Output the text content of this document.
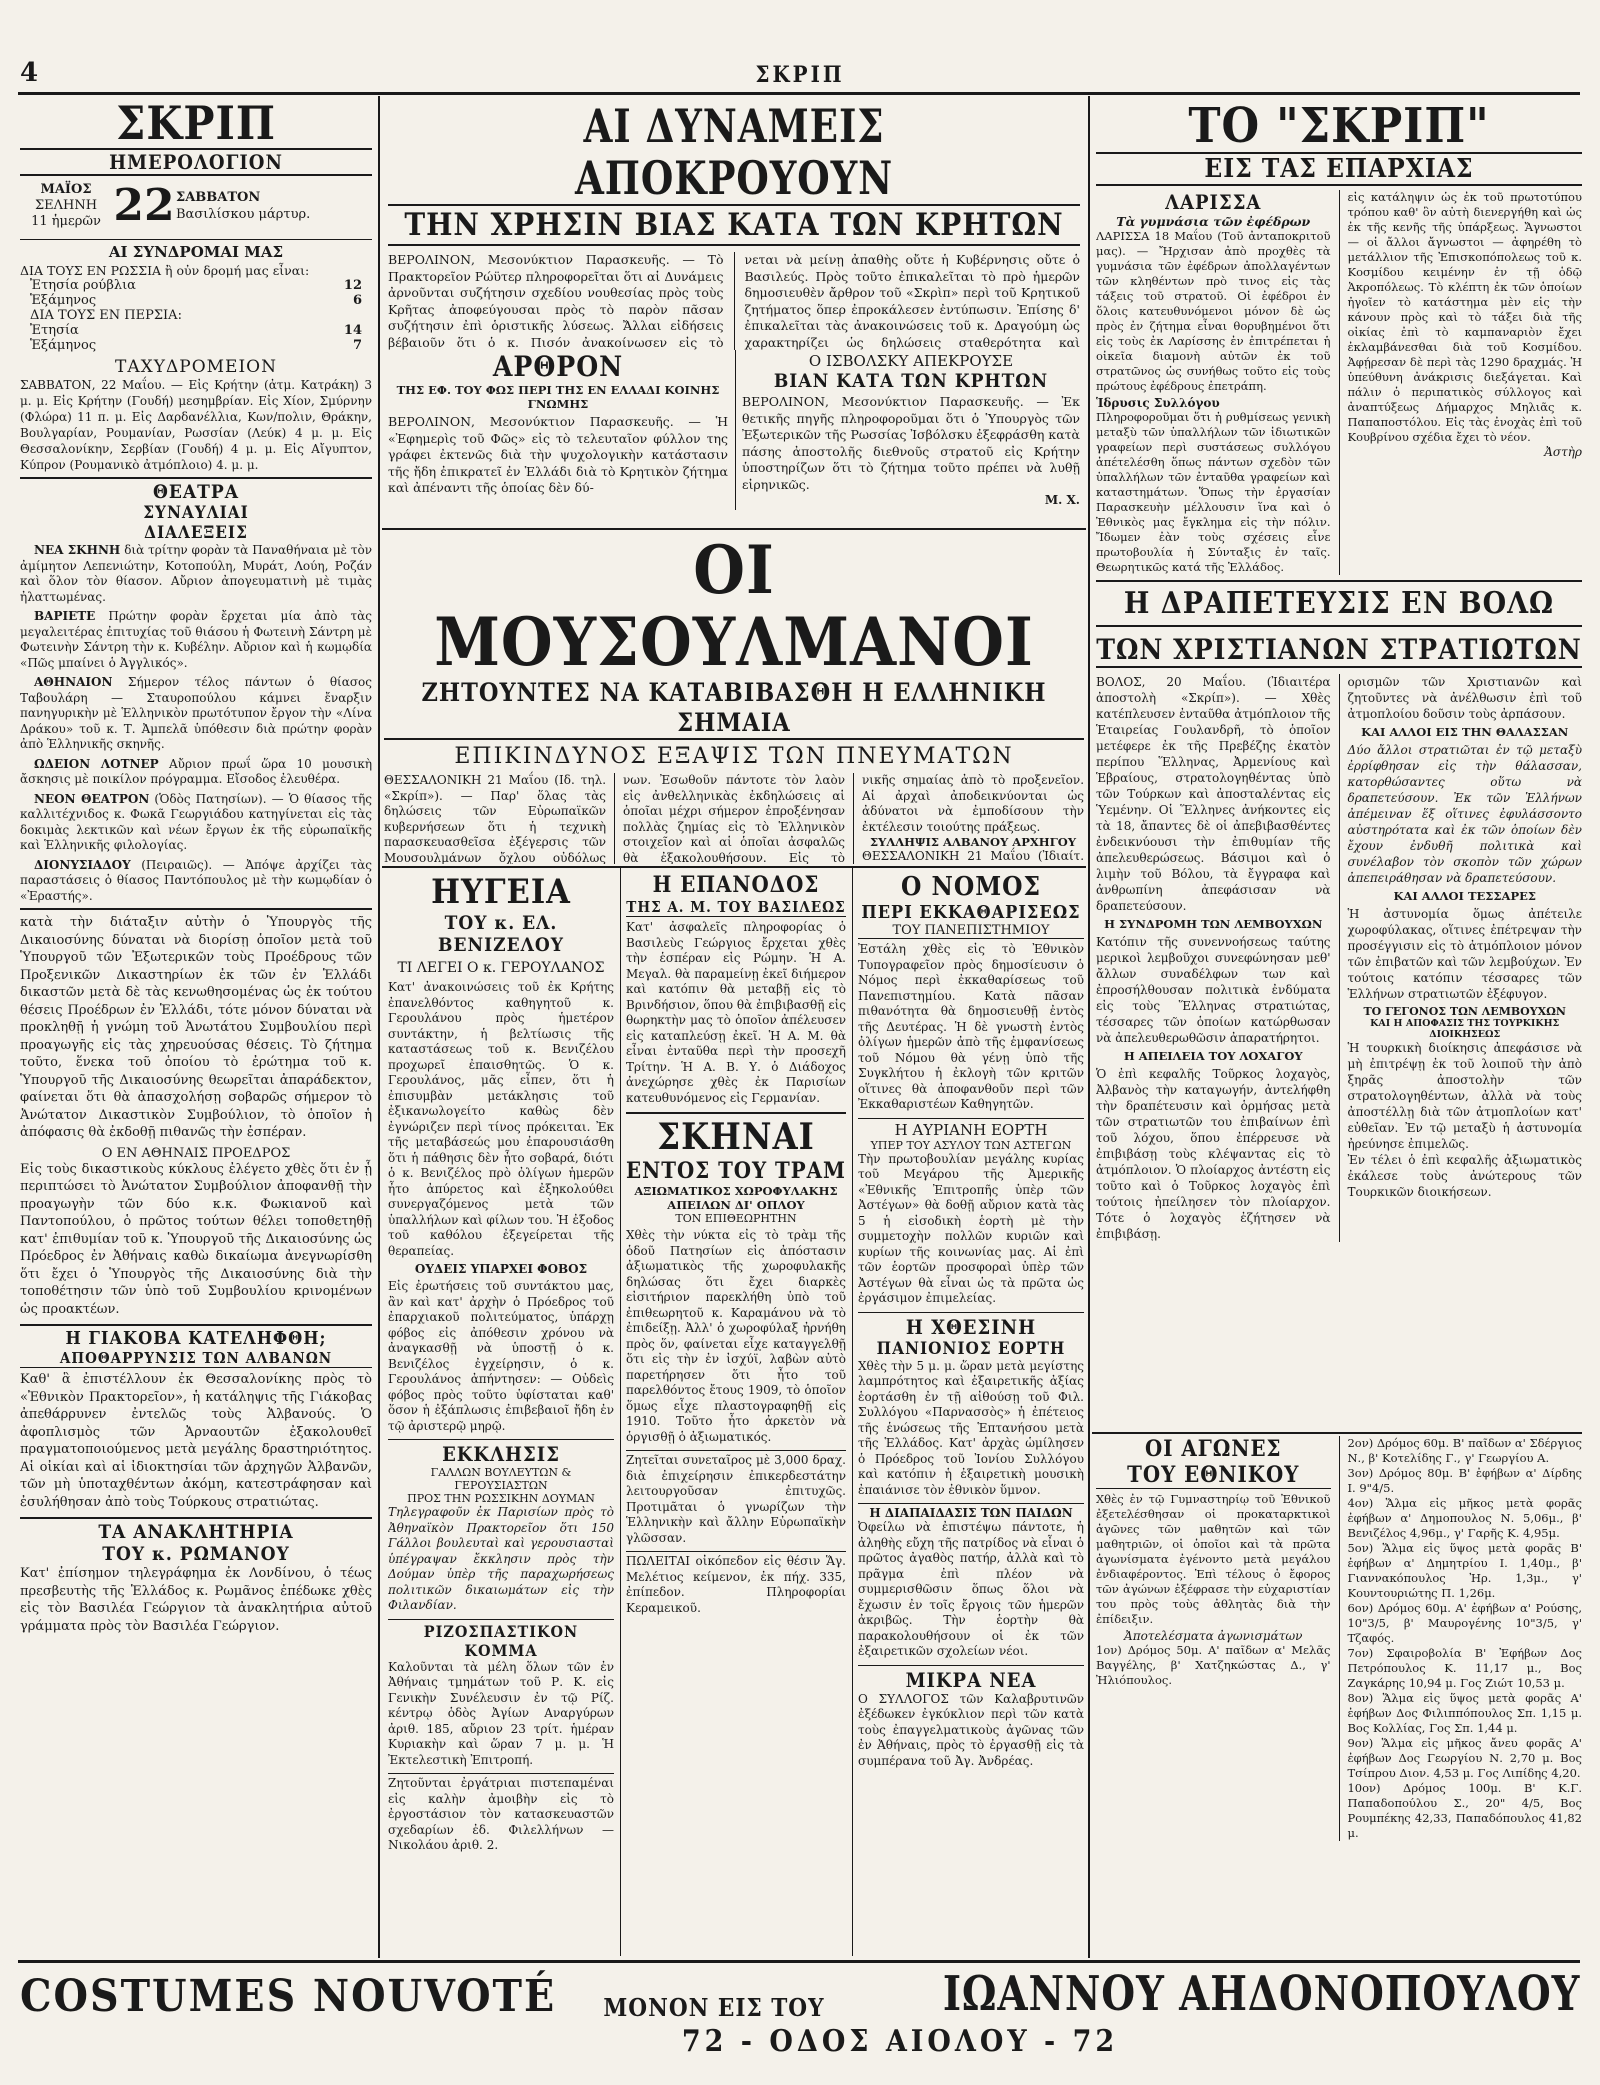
4	ΣΚΡΙΠ
ΣΚΡΙΠ
ΗΜΕΡΟΛΟΓΙΟΝ
ΜΑΪΟΣ
ΣΕΛΗΝΗ
11 ἡμερῶν 22 ΣΑΒΒΑΤΟΝ
Βασιλίσκου μάρτυρ.
ΑΙ ΣΥΝΔΡΟΜΑΙ ΜΑΣ
ΔΙΑ ΤΟΥΣ ΕΝ ΡΩΣΣΙΑ ἢ οὐν δρομή μας εἶναι:
Ἐτησία ρούβλια	12
Ἑξάμηνος	6
ΔΙΑ ΤΟΥΣ ΕΝ ΠΕΡΣΙΑ:
Ἐτησία	14
Ἑξάμηνος	7
ΤΑΧΥΔΡΟΜΕΙΟΝ
ΣΑΒΒΑΤΟΝ, 22 Μαΐου. — Εἰς Κρήτην (ἀτμ. Κατράκη) 3 μ. μ. Εἰς Κρήτην (Γουδή) μεσημβρίαν. Εἰς Χίον, Σμύρνην (Φλώρα) 11 π. μ. Εἰς Δαρδανέλλια, Κων/πολιν, Θράκην, Βουλγαρίαν, Ρουμανίαν, Ρωσσίαν (Λεύκ) 4 μ. μ. Εἰς Θεσσαλονίκην, Σερβίαν (Γουδή) 4 μ. μ. Εἰς Αἴγυπτον, Κύπρον (Ρουμανικὸ ἀτμόπλοιο) 4. μ. μ.
ΘΕΑΤΡΑ
ΣΥΝΑΥΛΙΑΙ
ΔΙΑΛΕΞΕΙΣ

ΝΕΑ ΣΚΗΝΗ διὰ τρίτην φορὰν τὰ Παναθήναια μὲ τὸν ἀμίμητον Λεπενιώτην, Κοτοπούλη, Μυράτ, Λούη, Ροζάν καὶ ὅλον τὸν θίασον. Αὔριον ἀπογευματινὴ μὲ τιμὰς ἠλαττωμένας.

ΒΑΡΙΕΤΕ Πρώτην φορὰν ἔρχεται μία ἀπὸ τὰς μεγαλειτέρας ἐπιτυχίας τοῦ θιάσου ἡ Φωτεινὴ Σάντρη μὲ Φωτεινὴν Σάντρη τὴν κ. Κυβέλην. Αὔριον καὶ ἡ κωμῳδία «Πῶς μπαίνει ὁ Ἀγγλικός».

ΑΘΗΝΑΙΟΝ Σήμερον τέλος πάντων ὁ θίασος Ταβουλάρη — Σταυροπούλου κάμνει ἔναρξιν πανηγυρικὴν μὲ Ἑλληνικὸν πρωτότυπον ἔργον τὴν «Λίνα Δράκου» τοῦ κ. Τ. Ἀμπελᾶ ὑπόθεσιν διὰ πρώτην φορὰν ἀπὸ Ἑλληνικῆς σκηνῆς.

ΩΔΕΙΟΝ ΛΟΤΝΕΡ Αὔριον πρωΐ ὥρα 10 μουσικὴ ἄσκησις μὲ ποικίλον πρόγραμμα. Εἴσοδος ἐλευθέρα.

ΝΕΟΝ ΘΕΑΤΡΟΝ (Ὁδὸς Πατησίων). — Ὁ θίασος τῆς καλλιτέχνιδος κ. Φωκᾶ Γεωργιάδου κατηγίνεται εἰς τὰς δοκιμὰς λεκτικῶν καὶ νέων ἔργων ἐκ τῆς εὐρωπαϊκῆς καὶ Ἑλληνικῆς φιλολογίας.

ΔΙΟΝΥΣΙΑΔΟΥ (Πειραιῶς). — Ἀπόψε ἀρχίζει τὰς παραστάσεις ὁ θίασος Παντόπουλος μὲ τὴν κωμῳδίαν ὁ «Ἐραστής».

κατὰ τὴν διάταξιν αὐτὴν ὁ Ὑπουργὸς τῆς Δικαιοσύνης δύναται νὰ διορίσῃ ὁποῖον μετὰ τοῦ Ὑπουργοῦ τῶν Ἐξωτερικῶν τοὺς Προέδρους τῶν Προξενικῶν Δικαστηρίων ἐκ τῶν ἐν Ἑλλάδι δικαστῶν μετὰ δὲ τὰς κενωθησομένας ὡς ἐκ τούτου θέσεις Προέδρων ἐν Ἑλλάδι, τότε μόνον δύναται νὰ προκληθῇ ἡ γνώμη τοῦ Ἀνωτάτου Συμβουλίου περὶ προαγωγῆς εἰς τὰς χηρευούσας θέσεις. Τὸ ζήτημα τοῦτο, ἕνεκα τοῦ ὁποίου τὸ ἐρώτημα τοῦ κ. Ὑπουργοῦ τῆς Δικαιοσύνης θεωρεῖται ἀπαράδεκτον, φαίνεται ὅτι θὰ ἀπασχολήσῃ σοβαρῶς σήμερον τὸ Ἀνώτατον Δικαστικὸν Συμβούλιον, τὸ ὁποῖον ἡ ἀπόφασις θὰ ἐκδοθῇ πιθανῶς τὴν ἐσπέραν.
Ο ΕΝ ΑΘΗΝΑΙΣ ΠΡΟΕΔΡΟΣ
Εἰς τοὺς δικαστικοὺς κύκλους ἐλέγετο χθὲς ὅτι ἐν ᾗ περιπτώσει τὸ Ἀνώτατον Συμβούλιον ἀποφανθῇ τὴν προαγωγὴν τῶν δύο κ.κ. Φωκιανοῦ καὶ Παντοπούλου, ὁ πρῶτος τούτων θέλει τοποθετηθῇ κατ' ἐπιθυμίαν τοῦ κ. Ὑπουργοῦ τῆς Δικαιοσύνης ὡς Πρόεδρος ἐν Ἀθήναις καθὼ δικαίωμα ἀνεγνωρίσθη ὅτι ἔχει ὁ Ὑπουργὸς τῆς Δικαιοσύνης διὰ τὴν τοποθέτησιν τῶν ὑπὸ τοῦ Συμβουλίου κρινομένων ὡς προακτέων.
Η ΓΙΑΚΟΒΑ ΚΑΤΕΛΗΦΘΗ;
ΑΠΟΘΑΡΡΥΝΣΙΣ ΤΩΝ ΑΛΒΑΝΩΝ
Καθ' ἃ ἐπιστέλλουν ἐκ Θεσσαλονίκης πρὸς τὸ «Ἐθνικὸν Πρακτορεῖον», ἡ κατάληψις τῆς Γιάκοβας ἀπεθάρρυνεν ἐντελῶς τοὺς Ἀλβανούς. Ὁ ἀφοπλισμὸς τῶν Ἀρναουτῶν ἐξακολουθεῖ πραγματοποιούμενος μετὰ μεγάλης δραστηριότητος. Αἱ οἰκίαι καὶ αἱ ἰδιοκτησίαι τῶν ἀρχηγῶν Ἀλβανῶν, τῶν μὴ ὑποταχθέντων ἀκόμη, κατεστράφησαν καὶ ἐσυλήθησαν ἀπὸ τοὺς Τούρκους στρατιώτας.
ΤΑ ΑΝΑΚΛΗΤΗΡΙΑ
ΤΟΥ κ. ΡΩΜΑΝΟΥ
Κατ' ἐπίσημον τηλεγράφημα ἐκ Λονδίνου, ὁ τέως πρεσβευτὴς τῆς Ἑλλάδος κ. Ρωμᾶνος ἐπέδωκε χθὲς εἰς τὸν Βασιλέα Γεώργιον τὰ ἀνακλητήρια αὐτοῦ γράμματα πρὸς τὸν Βασιλέα Γεώργιον.
ΑΙ ΔΥΝΑΜΕΙΣ ΑΠΟΚΡΟΥΟΥΝ
ΤΗΝ ΧΡΗΣΙΝ ΒΙΑΣ ΚΑΤΑ ΤΩΝ ΚΡΗΤΩΝ
ΒΕΡΟΛΙΝΟΝ, Μεσονύκτιον Παρασκευῆς. — Τὸ Πρακτορεῖον Ρώϋτερ πληροφορεῖται ὅτι αἱ Δυνάμεις ἀρνοῦνται συζήτησιν σχεδίου νουθεσίας πρὸς τοὺς Κρῆτας ἀποφεύγουσαι πρὸς τὸ παρὸν πᾶσαν συζήτησιν ἐπὶ ὁριστικῆς λύσεως. Ἄλλαι εἰδήσεις βέβαιοῦν ὅτι ὁ κ. Πισόν ἀνακοίνωσεν εἰς τὸ
νεται νὰ μείνῃ ἀπαθὴς οὔτε ἡ Κυβέρνησις οὔτε ὁ Βασιλεύς. Πρὸς τοῦτο ἐπικαλεῖται τὸ πρὸ ἡμερῶν δημοσιευθὲν ἄρθρον τοῦ «Σκρὶπ» περὶ τοῦ Κρητικοῦ ζητήματος ὅπερ ἐπροκάλεσεν ἐντύπωσιν. Ἐπίσης δ' ἐπικαλεῖται τὰς ἀνακοινώσεις τοῦ κ. Δραγούμη ὡς χαρακτηρίζει ὡς δηλώσεις σταθερότητα καὶ
ΑΡΘΡΟΝ
ΤΗΣ ΕΦ. ΤΟΥ ΦΩΣ ΠΕΡΙ ΤΗΣ ΕΝ ΕΛΛΑΔΙ ΚΟΙΝΗΣ ΓΝΩΜΗΣ
ΒΕΡΟΛΙΝΟΝ, Μεσονύκτιον Παρασκευῆς. — Ἡ «Ἐφημερὶς τοῦ Φῶς» εἰς τὸ τελευταῖον φύλλον της γράφει ἐκτενῶς διὰ τὴν ψυχολογικὴν κατάστασιν τῆς ἤδη ἐπικρατεῖ ἐν Ἑλλάδι διὰ τὸ Κρητικὸν ζήτημα καὶ ἀπέναντι τῆς ὁποίας δὲν δύ-
Ο ΙΣΒΟΛΣΚΥ ΑΠΕΚΡΟΥΣΕ
ΒΙΑΝ ΚΑΤΑ ΤΩΝ ΚΡΗΤΩΝ
ΒΕΡΟΛΙΝΟΝ, Μεσονύκτιον Παρασκευῆς. — Ἐκ θετικῆς πηγῆς πληροφοροῦμαι ὅτι ὁ Ὑπουργὸς τῶν Ἐξωτερικῶν τῆς Ρωσσίας Ἰσβόλσκυ ἐξεφράσθη κατὰ πάσης ἀποστολῆς διεθνοῦς στρατοῦ εἰς Κρήτην ὑποστηρίζων ὅτι τὸ ζήτημα τοῦτο πρέπει νὰ λυθῇ εἰρηνικῶς.
Μ. Χ.
ΤΟ "ΣΚΡΙΠ"
ΕΙΣ ΤΑΣ ΕΠΑΡΧΙΑΣ
ΛΑΡΙΣΣΑ
Τὰ γυμνάσια τῶν ἐφέδρων
ΛΑΡΙΣΣΑ 18 Μαΐου (Τοῦ ἀνταποκριτοῦ μας). — Ἤρχισαν ἀπὸ προχθὲς τὰ γυμνάσια τῶν ἐφέδρων ἀπολλαγέντων τῶν κληθέντων πρὸ τινος εἰς τὰς τάξεις τοῦ στρατοῦ. Οἱ ἐφέδροι ἐν ὅλοις κατευθυνόμενοι μόνον δὲ ὡς πρὸς ἐν ζήτημα εἶναι θορυβημένοι ὅτι εἰς τοὺς ἐκ Λαρίσσης ἐν ἐπιτρέπεται ἡ οἰκεῖα διαμονὴ αὐτῶν ἐκ τοῦ στρατῶνος ὡς συνήθως τοῦτο εἰς τοὺς πρώτους ἐφέδρους ἐπετράπη.
Ἱδρυσις Συλλόγου
Πληροφοροῦμαι ὅτι ἡ ρυθμίσεως γενικὴ μεταξὺ τῶν ὑπαλλήλων τῶν ἰδιωτικῶν γραφείων περὶ συστάσεως συλλόγου ἀπέτελέσθη ὅπως πάντων σχεδὸν τῶν ὑπαλλήλων τῶν ἐνταῦθα γραφείων καὶ καταστημάτων. Ὅπως τὴν ἐργασίαν Παρασκευὴν μέλλουσιν ἵνα καὶ ὁ Ἐθνικὸς μας ἔγκλημα εἰς τὴν πόλιν. Ἴδωμεν ἐὰν τοὺς σχέσεις εἶνε πρωτοβουλία ἡ Σύνταξις ἐν ταῖς. Θεωρητικῶς κατά τῆς Ἑλλάδος.
εἰς κατάληψιν ὡς ἐκ τοῦ πρωτοτύπου τρόπου καθ' ὃν αὐτὴ διενεργήθη καὶ ὡς ἐκ τῆς κενῆς τῆς ὑπάρξεως. Ἄγνωστοι — οἱ ἄλλοι ἄγνωστοι — ἀφηρέθη τὸ μετάλλιον τῆς Ἐπισκοπόπολεως τοῦ κ. Κοσμίδου κειμένην ἐν τῇ ὁδῷ Ἀκροπόλεως. Τὸ κλέπτη ἐκ τῶν ὁποίων ἠγοῖεν τὸ κατάστημα μὲν εἰς τὴν κάνουν πρὸς καὶ τὸ τάξει διὰ τῆς οἰκίας ἐπὶ τὸ καμπαναριὸν ἔχει ἐκλαμβάνεσθαι διὰ τοῦ Κοσμίδου. Ἀφῄρεσαν δὲ περὶ τὰς 1290 δραχμάς. Ἡ ὑπεύθυνη ἀνάκρισις διεξάγεται. Καὶ πάλιν ὁ περιπατικὸς σύλλογος καὶ ἀναπτύξεως Δήμαρχος Μηλιᾶς κ. Παπαποστόλου. Εἰς τὰς ἐνοχὰς ἐπὶ τοῦ Κουβρίνου σχέδια ἔχει τὸ νέον.
Ἀστὴρ
ΟΙ ΜΟΥΣΟΥΛΜΑΝΟΙ
ΖΗΤΟΥΝΤΕΣ ΝΑ ΚΑΤΑΒΙΒΑΣΘΗ Η ΕΛΛΗΝΙΚΗ ΣΗΜΑΙΑ
ΕΠΙΚΙΝΔΥΝΟΣ ΕΞΑΨΙΣ ΤΩΝ ΠΝΕΥΜΑΤΩΝ
ΘΕΣΣΑΛΟΝΙΚΗ 21 Μαΐου (Ιδ. τηλ. «Σκρίπ»). — Παρ' ὅλας τὰς δηλώσεις τῶν Εὐρωπαϊκῶν κυβερνήσεων ὅτι ἡ τεχνικὴ παρασκευασθεῖσα ἐξέγερσις τῶν Μουσουλμάνων ὄχλου οὐδόλως
νων. Ἐσωθοῦν πάντοτε τὸν λαὸν εἰς ἀνθελληνικὰς ἐκδηλώσεις αἱ ὁποῖαι μέχρι σήμερον ἐπροξένησαν πολλὰς ζημίας εἰς τὸ Ἑλληνικὸν στοιχεῖον καὶ αἱ ὁποῖαι ἀσφαλῶς θὰ ἐξακολουθήσουν. Εἰς τὸ
νικῆς σημαίας ἀπὸ τὸ προξενεῖον. Αἱ ἀρχαὶ ἀποδεικνύονται ὡς ἀδύνατοι νὰ ἐμποδίσουν τὴν ἐκτέλεσιν τοιούτης πράξεως.
ΣΥΛΛΗΨΙΣ ΑΛΒΑΝΟΥ ΑΡΧΗΓΟΥ
ΘΕΣΣΑΛΟΝΙΚΗ 21 Μαΐου (Ἰδιαίτ.
Η ΔΡΑΠΕΤΕΥΣΙΣ ΕΝ ΒΟΛΩ
ΤΩΝ ΧΡΙΣΤΙΑΝΩΝ ΣΤΡΑΤΙΩΤΩΝ
ΒΟΛΟΣ, 20 Μαΐου. (Ἰδιαιτέρα ἀποστολὴ «Σκρίπ»). — Χθὲς κατέπλευσεν ἐνταῦθα ἀτμόπλοιον τῆς Ἑταιρείας Γουλανδρῆ, τὸ ὁποῖον μετέφερε ἐκ τῆς Πρεβέζης ἑκατὸν περίπου Ἕλληνας, Ἀρμενίους καὶ Ἑβραίους, στρατολογηθέντας ὑπὸ τῶν Τούρκων καὶ ἀποσταλέντας εἰς Ὑεμένην. Οἱ Ἕλληνες ἀνήκοντες εἰς τὰ 18, ἄπαντες δὲ οἱ ἀπεβιβασθέντες ἐνδεικνύουσι τὴν ἐπιθυμίαν τῆς ἀπελευθερώσεως. Βάσιμοι καὶ ὁ λιμὴν τοῦ Βόλου, τὰ ἔγγραφα καὶ ἀνθρωπίνη ἀπεφάσισαν νὰ δραπετεύσουν.
Η ΣΥΝΔΡΟΜΗ ΤΩΝ ΛΕΜΒΟΥΧΩΝ
Κατόπιν τῆς συνεννοήσεως ταύτης μερικοὶ λεμβοῦχοι συνεφώνησαν μεθ' ἄλλων συναδέλφων των καὶ ἐπροσήλθουσαν πολιτικὰ ἐνδύματα εἰς τοὺς Ἕλληνας στρατιώτας, τέσσαρες τῶν ὁποίων κατώρθωσαν νὰ ἀπελευθερωθῶσιν ἀπαρατήρητοι.
Η ΑΠΕΙΛΕΙΑ ΤΟΥ ΛΟΧΑΓΟΥ
Ὁ ἐπὶ κεφαλῆς Τοῦρκος λοχαγὸς, Ἀλβανὸς τὴν καταγωγήν, ἀντελήφθη τὴν δραπέτευσιν καὶ ὁρμήσας μετὰ τῶν στρατιωτῶν του ἐπιβαίνων ἐπὶ τοῦ λόχου, ὅπου ἐπέρρευσε νὰ ἐπιβιβάσῃ τοὺς κλέψαντας εἰς τὸ ἀτμόπλοιον. Ὁ πλοίαρχος ἀντέστη εἰς τοῦτο καὶ ὁ Τοῦρκος λοχαγὸς ἐπὶ τούτοις ἠπείλησεν τὸν πλοίαρχον. Τότε ὁ λοχαγὸς ἐζήτησεν νὰ ἐπιβιβάσῃ.
ορισμῶν τῶν Χριστιανῶν καὶ ζητοῦντες νὰ ἀνέλθωσιν ἐπὶ τοῦ ἀτμοπλοίου δοῦσιν τοὺς ἀρπάσουν.
ΚΑΙ ΑΛΛΟΙ ΕΙΣ ΤΗΝ ΘΑΛΑΣΣΑΝ
Δύο ἄλλοι στρατιῶται ἐν τῷ μεταξὺ ἐρρίφθησαν εἰς τὴν θάλασσαν, κατορθώσαντες οὕτω νὰ δραπετεύσουν. Ἐκ τῶν Ἑλλήνων ἀπέμειναν ἕξ οἵτινες ἐφυλάσσοντο αὐστηρότατα καὶ ἐκ τῶν ὁποίων δὲν ἔχουν ἐνδυθῆ πολιτικὰ καὶ συνέλαβον τὸν σκοπὸν τῶν χώρων ἀπεπειράθησαν νὰ δραπετεύσουν.
ΚΑΙ ΑΛΛΟΙ ΤΕΣΣΑΡΕΣ
Ἡ ἀστυνομία ὅμως ἀπέτειλε χωροφύλακας, οἵτινες ἐπέτρεψαν τὴν προσέγγισιν εἰς τὸ ἀτμόπλοιον μόνον τῶν ἐπιβατῶν καὶ τῶν λεμβούχων. Ἐν τούτοις κατόπιν τέσσαρες τῶν Ἑλλήνων στρατιωτῶν ἐξέφυγον.
ΤΟ ΓΕΓΟΝΟΣ ΤΩΝ ΛΕΜΒΟΥΧΩΝ
ΚΑΙ Η ΑΠΟΦΑΣΙΣ ΤΗΣ ΤΟΥΡΚΙΚΗΣ ΔΙΟΙΚΗΣΕΩΣ
Ἡ τουρκικὴ διοίκησις ἀπεφάσισε νὰ μὴ ἐπιτρέψῃ ἐκ τοῦ λοιποῦ τὴν ἀπὸ ξηρᾶς ἀποστολὴν τῶν στρατολογηθέντων, ἀλλὰ νὰ τοὺς ἀποστέλλῃ διὰ τῶν ἀτμοπλοίων κατ' εὐθεῖαν. Ἐν τῷ μεταξὺ ἡ ἀστυνομία ἠρεύνησε ἐπιμελῶς.
Ἐν τέλει ὁ ἐπὶ κεφαλῆς ἀξιωματικὸς ἐκάλεσε τοὺς ἀνώτερους τῶν Τουρκικῶν διοικήσεων.
ΟΙ ΑΓΩΝΕΣ
ΤΟΥ ΕΘΝΙΚΟΥ
Χθὲς ἐν τῷ Γυμναστηρίῳ τοῦ Ἐθνικοῦ ἐξετελέσθησαν οἱ προκαταρκτικοὶ ἀγῶνες τῶν μαθητῶν καὶ τῶν μαθητριῶν, οἱ ὁποῖοι καὶ τὰ πρῶτα ἀγωνίσματα ἐγένοντο μετὰ μεγάλου ἐνδιαφέροντος. Ἐπὶ τέλους ὁ ἔφορος τῶν ἀγώνων ἐξέφρασε τὴν εὐχαριστίαν του πρὸς τοὺς ἀθλητὰς διὰ τὴν ἐπίδειξιν.
Ἀποτελέσματα ἀγωνισμάτων
1ον) Δρόμος 50μ. Α' παῖδων α' Μελᾶς Βαγγέλης, β' Χατζηκώστας Δ., γ' Ἠλιόπουλος.
2ον) Δρόμος 60μ. Β' παῖδων α' Σδέργιος Ν., β' Κοτελίδης Γ., γ' Γεωργίου Α.
3ον) Δρόμος 80μ. Β' ἐφήβων α' Δίρδης Ι. 9"4/5.
4ον) Ἅλμα εἰς μῆκος μετὰ φορᾶς ἐφήβων α' Δημοπουλος Ν. 5,06μ., β' Βενιζέλος 4,96μ., γ' Γαρῆς Κ. 4,95μ.
5ον) Ἅλμα εἰς ὕψος μετὰ φορᾶς Β' ἐφήβων α' Δημητρίου Ι. 1,40μ., β' Γιαννακόπουλος Ἠρ. 1,3μ., γ' Κουντουριώτης Π. 1,26μ.
6ον) Δρόμος 60μ. Α' ἐφήβων α' Ρούσης, 10"3/5, β' Μαυρογένης 10"3/5, γ' Τζαφός.
7ον) Σφαιροβολία Β' Ἐφήβων Δος Πετρόπουλος Κ. 11,17 μ., Βος Ζαγκάρης 10,94 μ. Γος Ζιώτ 10,53 μ.
8ον) Ἅλμα εἰς ὕψος μετὰ φορᾶς Α' ἐφήβων Δος Φιλιππόπουλος Σπ. 1,15 μ. Βος Κολλίας, Γος Σπ. 1,44 μ.
9ον) Ἅλμα εἰς μῆκος ἄνευ φορᾶς Α' ἐφήβων Δος Γεωργίου Ν. 2,70 μ. Βος Τσίπρου Διον. 4,53 μ. Γος Λιπίδης 4,20.
10ον) Δρόμος 100μ. Β' Κ.Γ. Παπαδοπούλου Σ., 20" 4/5, Βος Ρουμπέκης 42,33, Παπαδόπουλος 41,82 μ.
ΗΥΓΕΙΑ
ΤΟΥ κ. ΕΛ. ΒΕΝΙΖΕΛΟΥ
ΤΙ ΛΕΓΕΙ Ο κ. ΓΕΡΟΥΛΑΝΟΣ
Κατ' ἀνακοινώσεις τοῦ ἐκ Κρήτης ἐπανελθόντος καθηγητοῦ κ. Γερουλάνου πρὸς ἡμετέρον συντάκτην, ἡ βελτίωσις τῆς καταστάσεως τοῦ κ. Βενιζέλου προχωρεῖ ἐπαισθητῶς. Ὁ κ. Γερουλάνος, μᾶς εἶπεν, ὅτι ἡ ἐπισυμβὰν μετάκλησις τοῦ ἐξικανωλογείτο καθὼς δὲν ἐγνώριζεν περὶ τίνος πρόκειται. Ἐκ τῆς μεταβάσεώς μου ἐπαρουσιάσθη ὅτι ἡ πάθησις δὲν ἦτο σοβαρά, διότι ὁ κ. Βενιζέλος πρὸ ὀλίγων ἡμερῶν ἦτο ἀπύρετος καὶ ἐξηκολούθει συνεργαζόμενος μετὰ τῶν ὑπαλλήλων καὶ φίλων του. Ἡ ἐξοδος τοῦ καθόλου ἐξεγείρεται τῆς θεραπείας.
ΟΥΔΕΙΣ ΥΠΑΡΧΕΙ ΦΟΒΟΣ
Εἰς ἐρωτήσεις τοῦ συντάκτου μας, ἂν καὶ κατ' ἀρχὴν ὁ Πρόεδρος τοῦ ἐπαρχιακοῦ πολιτεύματος, ὑπάρχῃ φόβος εἰς ἀπόθεσιν χρόνου νὰ ἀναγκασθῇ νὰ ὑποστῇ ὁ κ. Βενιζέλος ἐγχείρησιν, ὁ κ. Γερουλάνος ἀπήντησεν: — Οὐδεὶς φόβος πρὸς τοῦτο ὑφίσταται καθ' ὅσον ἡ ἐξάπλωσις ἐπιβεβαιοῖ ἤδη ἐν τῷ ἀριστερῷ μηρῷ.
ΕΚΚΛΗΣΙΣ
ΓΑΛΛΩΝ ΒΟΥΛΕΥΤΩΝ & ΓΕΡΟΥΣΙΑΣΤΩΝ
ΠΡΟΣ ΤΗΝ ΡΩΣΣΙΚΗΝ ΔΟΥΜΑΝ
Τηλεγραφοῦν ἐκ Παρισίων πρὸς τὸ Ἀθηναϊκὸν Πρακτορεῖον ὅτι 150 Γάλλοι βουλευταὶ καὶ γερουσιασταὶ ὑπέγραψαν ἔκκλησιν πρὸς τὴν Δούμαν ὑπὲρ τῆς παραχωρήσεως πολιτικῶν δικαιωμάτων εἰς τὴν Φιλανδίαν.
ΡΙΖΟΣΠΑΣΤΙΚΟΝ ΚΟΜΜΑ
Καλοῦνται τὰ μέλη ὅλων τῶν ἐν Ἀθήναις τμημάτων τοῦ Ρ. Κ. εἰς Γενικὴν Συνέλευσιν ἐν τῷ Ρίζ. κέντρῳ ὁδὸς Ἀγίων Αναργύρων ἀριθ. 185, αὔριον 23 τρίτ. ἡμέραν Κυριακὴν καὶ ὥραν 7 μ. μ. Ἡ Ἐκτελεστικὴ Ἐπιτροπή.
Ζητοῦνται ἐργάτριαι πιστεπαμέναι εἰς καλὴν ἀμοιβὴν εἰς τὸ ἐργοστάσιον τὸν κατασκευαστῶν σχεδαρίων ἐδ. Φιλελλήνων — Νικολάου ἀριθ. 2.
Η ΕΠΑΝΟΔΟΣ
ΤΗΣ Α. Μ. ΤΟΥ ΒΑΣΙΛΕΩΣ
Κατ' ἀσφαλεῖς πληροφορίας ὁ Βασιλεὺς Γεώργιος ἔρχεται χθὲς τὴν ἑσπέραν εἰς Ρώμην. Ἡ Α. Μεγαλ. θὰ παραμείνῃ ἐκεῖ διήμερον καὶ κατόπιν θὰ μεταβῇ εἰς τὸ Βρινδήσιον, ὅπου θὰ ἐπιβιβασθῇ εἰς θωρηκτὴν μας τὸ ὁποῖον ἀπέλευσεν εἰς καταπλεύσῃ ἐκεῖ. Ἡ Α. Μ. θὰ εἶναι ἐνταῦθα περὶ τὴν προσεχῆ Τρίτην. Ἡ Α. Β. Υ. ὁ Διάδοχος ἀνεχώρησε χθὲς ἐκ Παρισίων κατευθυνόμενος εἰς Γερμανίαν.
ΣΚΗΝΑΙ
ΕΝΤΟΣ ΤΟΥ ΤΡΑΜ
ΑΞΙΩΜΑΤΙΚΟΣ ΧΩΡΟΦΥΛΑΚΗΣ ΑΠΕΙΛΩΝ ΔΙ' ΟΠΛΟΥ
ΤΟΝ ΕΠΙΘΕΩΡΗΤΗΝ
Χθὲς τὴν νύκτα εἰς τὸ τρὰμ τῆς ὁδοῦ Πατησίων εἰς ἀπόστασιν ἀξιωματικὸς τῆς χωροφυλακῆς δηλώσας ὅτι ἔχει διαρκὲς εἰσιτήριον παρεκλήθη ὑπὸ τοῦ ἐπιθεωρητοῦ κ. Καραμάνου νὰ τὸ ἐπιδείξῃ. Ἀλλ' ὁ χωροφύλαξ ἠρνήθη πρὸς ὅν, φαίνεται εἶχε καταγγελθῇ ὅτι εἰς τὴν ἐν ἰσχύϊ, λαβὼν αὐτὸ παρετήρησεν ὅτι ἦτο τοῦ παρελθόντος ἔτους 1909, τὸ ὁποῖον ὅμως εἶχε πλαστογραφηθῇ εἰς 1910. Τοῦτο ἦτο ἀρκετὸν νὰ ὁργισθῇ ὁ ἀξιωματικός.
Ζητεῖται συνεταῖρος μὲ 3,000 δραχ. διὰ ἐπιχείρησιν ἐπικερδεστάτην λειτουργοῦσαν ἐπιτυχῶς. Προτιμᾶται ὁ γνωρίζων τὴν Ἑλληνικὴν καὶ ἄλλην Εὐρωπαϊκὴν γλῶσσαν.
ΠΩΛΕΙΤΑΙ οἰκόπεδον εἰς θέσιν Ἅγ. Μελέτιος κείμενον, ἐκ πήχ. 335, ἐπίπεδον. Πληροφορίαι Κεραμεικοῦ.
Ο ΝΟΜΟΣ
ΠΕΡΙ ΕΚΚΑΘΑΡΙΣΕΩΣ
ΤΟΥ ΠΑΝΕΠΙΣΤΗΜΙΟΥ
Ἐστάλη χθὲς εἰς τὸ Ἐθνικὸν Τυπογραφεῖον πρὸς δημοσίευσιν ὁ Νόμος περὶ ἐκκαθαρίσεως τοῦ Πανεπιστημίου. Κατὰ πᾶσαν πιθανότητα θὰ δημοσιευθῇ ἐντὸς τῆς Δευτέρας. Ἡ δὲ γνωστὴ ἐντὸς ὀλίγων ἡμερῶν ἀπὸ τῆς ἐμφανίσεως τοῦ Νόμου θὰ γένῃ ὑπὸ τῆς Συγκλήτου ἡ ἐκλογὴ τῶν κριτῶν οἵτινες θὰ ἀποφανθοῦν περὶ τῶν Ἐκκαθαριστέων Καθηγητῶν.
Η ΑΥΡΙΑΝΗ ΕΟΡΤΗ
ΥΠΕΡ ΤΟΥ ΑΣΥΛΟΥ ΤΩΝ ΑΣΤΕΓΩΝ
Τὴν πρωτοβουλίαν μεγάλης κυρίας τοῦ Μεγάρου τῆς Ἀμερικῆς «Ἐθνικῆς Ἐπιτροπῆς ὑπὲρ τῶν Ἀστέγων» θὰ δοθῇ αὔριον κατὰ τὰς 5 ἡ εἰσοδικὴ ἑορτὴ μὲ τὴν συμμετοχὴν πολλῶν κυριῶν καὶ κυρίων τῆς κοινωνίας μας. Αἱ ἐπὶ τῶν ἑορτῶν προσφοραὶ ὑπὲρ τῶν Ἀστέγων θὰ εἶναι ὡς τὰ πρῶτα ὡς ἐργάσιμον ἐπιμελείας.
Η ΧΘΕΣΙΝΗ
ΠΑΝΙΟΝΙΟΣ ΕΟΡΤΗ
Χθὲς τὴν 5 μ. μ. ὥραν μετὰ μεγίστης λαμπρότητος καὶ ἐξαιρετικῆς ἀξίας ἑορτάσθη ἐν τῇ αἰθούσῃ τοῦ Φιλ. Συλλόγου «Παρνασσὸς» ἡ ἐπέτειος τῆς ἑνώσεως τῆς Ἑπτανήσου μετὰ τῆς Ἑλλάδος. Κατ' ἀρχὰς ὡμίλησεν ὁ Πρόεδρος τοῦ Ἰονίου Συλλόγου καὶ κατόπιν ἡ ἐξαιρετικὴ μουσικὴ ἐπαιάνισε τὸν ἐθνικὸν ὕμνον.
Η ΔΙΑΠΑΙΔΑΣΙΣ ΤΩΝ ΠΑΙΔΩΝ
Ὀφείλω νὰ ἐπιστέψω πάντοτε, ἡ ἀληθὴς εὔχη τῆς πατρίδος νὰ εἶναι ὁ πρῶτος ἀγαθὸς πατήρ, ἀλλὰ καὶ τὸ πρᾶγμα ἐπὶ πλέον νὰ συμμερισθῶσιν ὅπως ὅλοι νὰ ἔχωσιν ἐν τοῖς ἔργοις τῶν ἡμερῶν ἀκριβῶς. Τὴν ἑορτὴν θὰ παρακολουθήσουν οἱ ἐκ τῶν ἐξαιρετικῶν σχολείων νέοι.
ΜΙΚΡΑ ΝΕΑ
Ο ΣΥΛΛΟΓΟΣ τῶν Καλαβρυτινῶν ἐξέδωκεν ἐγκύκλιον περὶ τῶν κατὰ τοὺς ἐπαγγελματικοὺς ἀγῶνας τῶν ἐν Ἀθήναις, πρὸς τὸ ἐργασθῇ εἰς τὰ συμπέρανα τοῦ Ἀγ. Ἀνδρέας.
COSTUMES NOUVOTÉ ΜΟΝΟΝ ΕΙΣ ΤΟΥ ΙΩΑΝΝΟΥ ΑΗΔΟΝΟΠΟΥΛΟΥ
72 - ΟΔΟΣ ΑΙΟΛΟΥ - 72
